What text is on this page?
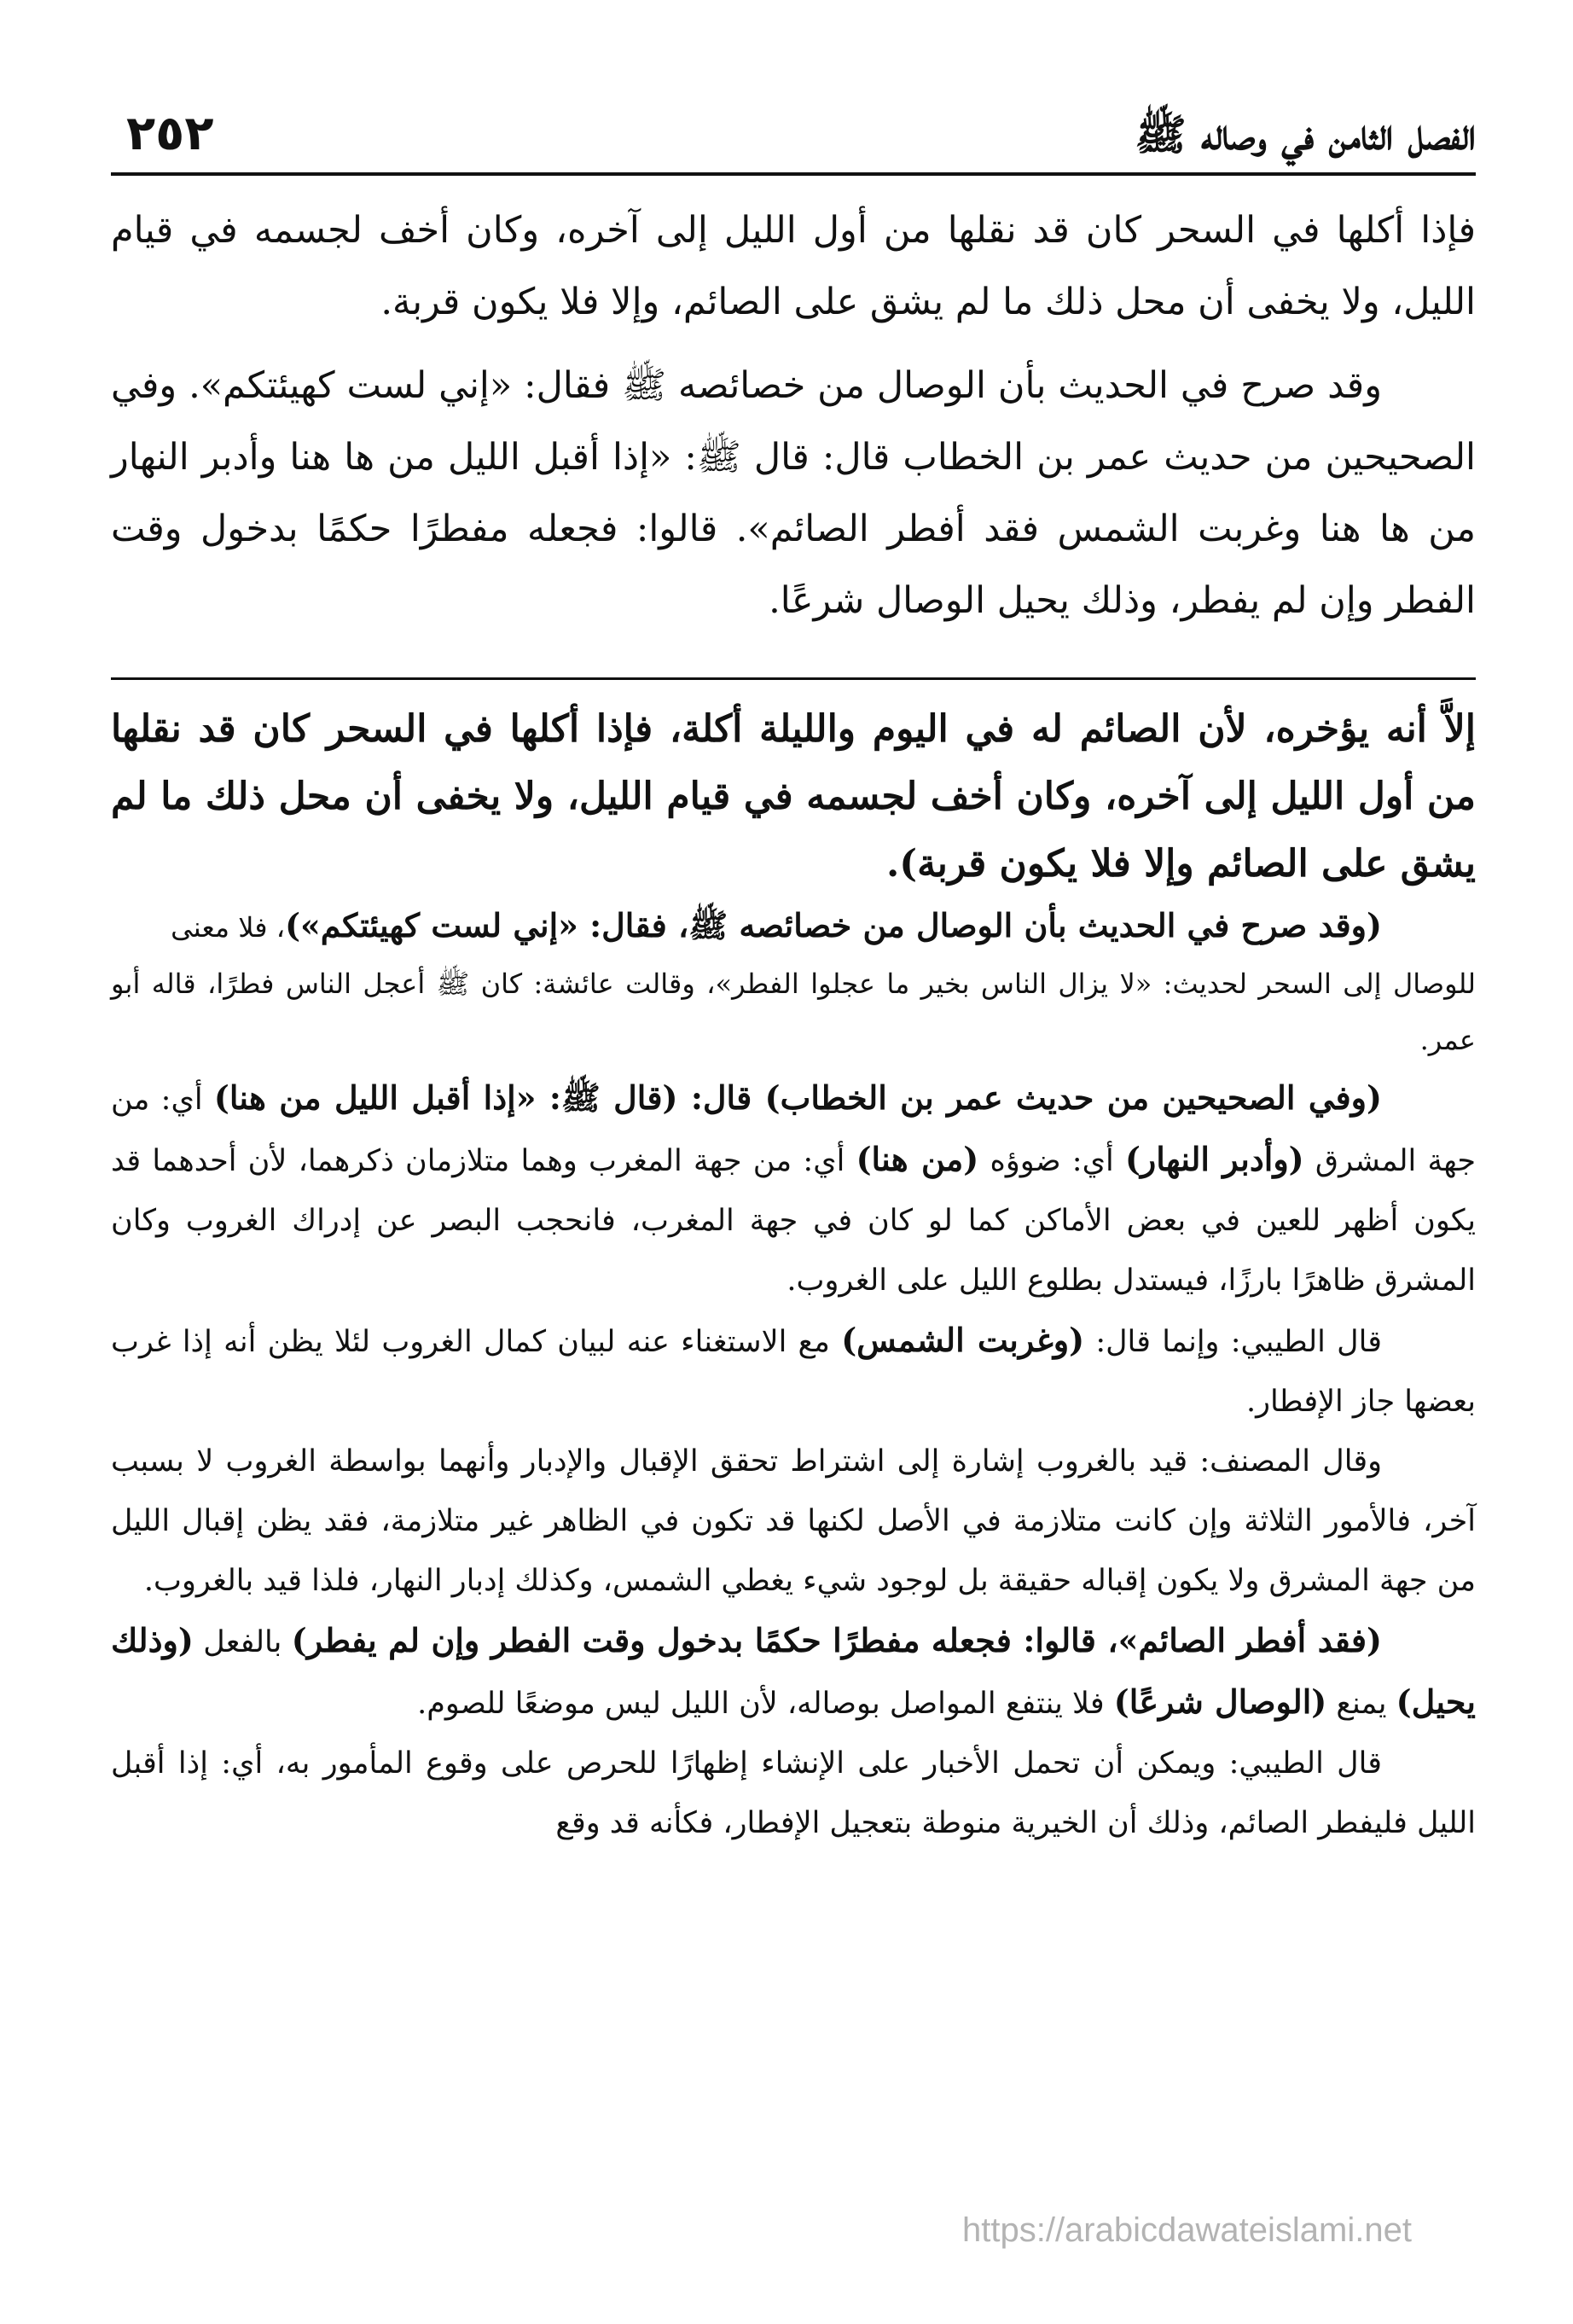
الفصل الثامن في وصاله ﷺ
٢٥٢

فإذا أكلها في السحر كان قد نقلها من أول الليل إلى آخره، وكان أخف لجسمه في قيام الليل، ولا يخفى أن محل ذلك ما لم يشق على الصائم، وإلا فلا يكون قربة.

وقد صرح في الحديث بأن الوصال من خصائصه ﷺ فقال: «إني لست كهيئتكم». وفي الصحيحين من حديث عمر بن الخطاب قال: قال ﷺ: «إذا أقبل الليل من ها هنا وأدبر النهار من ها هنا وغربت الشمس فقد أفطر الصائم». قالوا: فجعله مفطرًا حكمًا بدخول وقت الفطر وإن لم يفطر، وذلك يحيل الوصال شرعًا.

إلاَّ أنه يؤخره، لأن الصائم له في اليوم والليلة أكلة، فإذا أكلها في السحر كان قد نقلها من أول الليل إلى آخره، وكان أخف لجسمه في قيام الليل، ولا يخفى أن محل ذلك ما لم يشق على الصائم وإلا فلا يكون قربة).

(وقد صرح في الحديث بأن الوصال من خصائصه ﷺ، فقال: «إني لست كهيئتكم»)، فلا معنى

للوصال إلى السحر لحديث: «لا يزال الناس بخير ما عجلوا الفطر»، وقالت عائشة: كان ﷺ أعجل الناس فطرًا، قاله أبو عمر.

(وفي الصحيحين من حديث عمر بن الخطاب) قال: (قال ﷺ: «إذا أقبل الليل من هنا) أي: من جهة المشرق (وأدبر النهار) أي: ضوؤه (من هنا) أي: من جهة المغرب وهما متلازمان ذكرهما، لأن أحدهما قد يكون أظهر للعين في بعض الأماكن كما لو كان في جهة المغرب، فانحجب البصر عن إدراك الغروب وكان المشرق ظاهرًا بارزًا، فيستدل بطلوع الليل على الغروب.

قال الطيبي: وإنما قال: (وغربت الشمس) مع الاستغناء عنه لبيان كمال الغروب لئلا يظن أنه إذا غرب بعضها جاز الإفطار.

وقال المصنف: قيد بالغروب إشارة إلى اشتراط تحقق الإقبال والإدبار وأنهما بواسطة الغروب لا بسبب آخر، فالأمور الثلاثة وإن كانت متلازمة في الأصل لكنها قد تكون في الظاهر غير متلازمة، فقد يظن إقبال الليل من جهة المشرق ولا يكون إقباله حقيقة بل لوجود شيء يغطي الشمس، وكذلك إدبار النهار، فلذا قيد بالغروب.

(فقد أفطر الصائم»، قالوا: فجعله مفطرًا حكمًا بدخول وقت الفطر وإن لم يفطر) بالفعل (وذلك يحيل) يمنع (الوصال شرعًا) فلا ينتفع المواصل بوصاله، لأن الليل ليس موضعًا للصوم.

قال الطيبي: ويمكن أن تحمل الأخبار على الإنشاء إظهارًا للحرص على وقوع المأمور به، أي: إذا أقبل الليل فليفطر الصائم، وذلك أن الخيرية منوطة بتعجيل الإفطار، فكأنه قد وقع

https://arabicdawateislami.net
